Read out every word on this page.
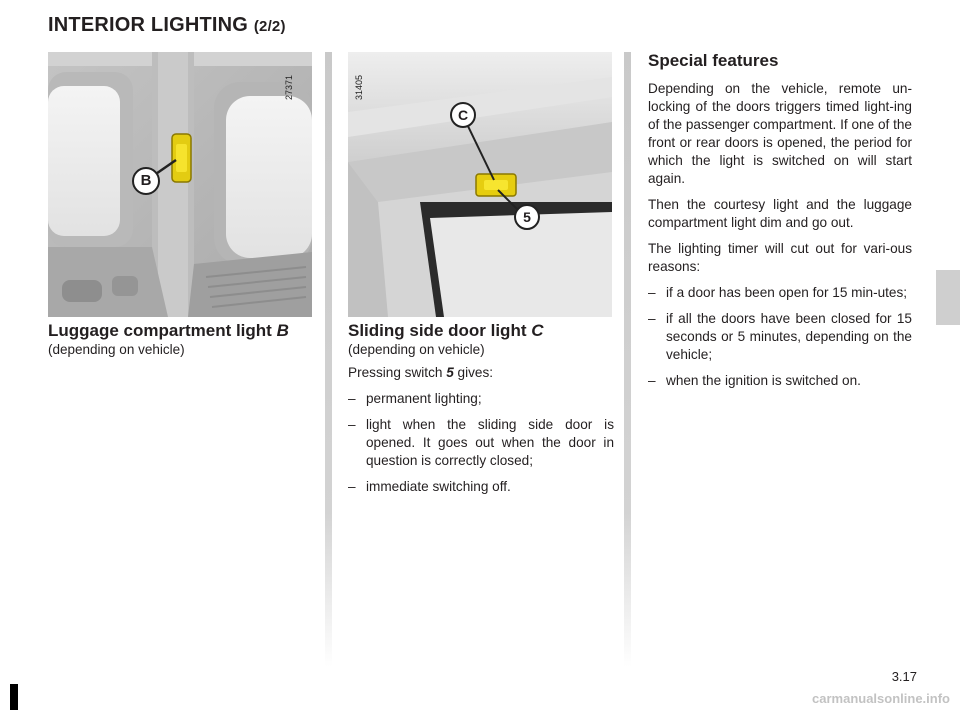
INTERIOR LIGHTING (2/2)
B
27371
Luggage compartment light B

(depending on vehicle)

C
5
31405
Sliding side door light C

(depending on vehicle)

Pressing switch 5 gives:

– permanent lighting;
– light when the sliding side door is opened. It goes out when the door in question is correctly closed;
– immediate switching off.
Special features

Depending on the vehicle, remote un-locking of the doors triggers timed light-ing of the passenger compartment. If one of the front or rear doors is opened, the period for which the light is switched on will start again.

Then the courtesy light and the luggage compartment light dim and go out.

The lighting timer will cut out for vari-ous reasons:

– if a door has been open for 15 min-utes;
– if all the doors have been closed for 15 seconds or 5 minutes, depending on the vehicle;
– when the ignition is switched on.
3.17
carmanualsonline.info
